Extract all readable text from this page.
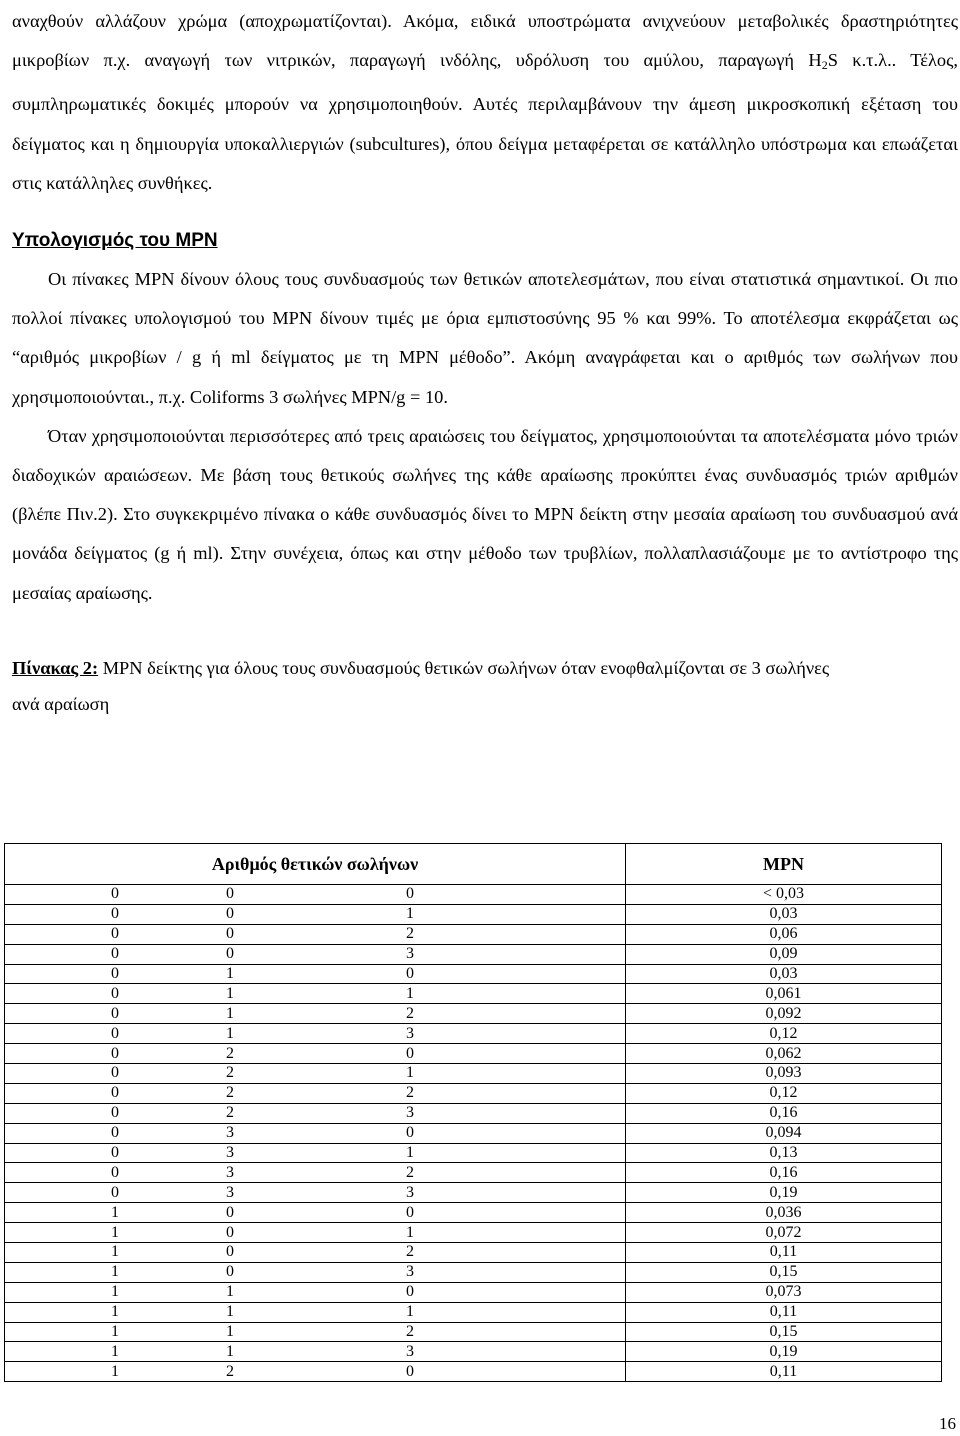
αναχθούν αλλάζουν χρώμα (αποχρωματίζονται). Ακόμα, ειδικά υποστρώματα ανιχνεύουν μεταβολικές δραστηριότητες μικροβίων π.χ. αναγωγή των νιτρικών, παραγωγή ινδόλης, υδρόλυση του αμύλου, παραγωγή $H_2S$ κ.τ.λ.. Τέλος, συμπληρωματικές δοκιμές μπορούν να χρησιμοποιηθούν. Αυτές περιλαμβάνουν την άμεση μικροσκοπική εξέταση του δείγματος και η δημιουργία υποκαλλιεργιών (subcultures), όπου δείγμα μεταφέρεται σε κατάλληλο υπόστρωμα και επωάζεται στις κατάλληλες συνθήκες.

Υπολογισμός του MPN

Οι πίνακες MPN δίνουν όλους τους συνδυασμούς των θετικών αποτελεσμάτων, που είναι στατιστικά σημαντικοί. Οι πιο πολλοί πίνακες υπολογισμού του MPN δίνουν τιμές με όρια εμπιστοσύνης 95 % και 99%. Το αποτέλεσμα εκφράζεται ως “αριθμός μικροβίων / g ή ml δείγματος με τη MPN μέθοδο”. Ακόμη αναγράφεται και ο αριθμός των σωλήνων που χρησιμοποιούνται., π.χ. Coliforms 3 σωλήνες MPN/g = 10.

Όταν χρησιμοποιούνται περισσότερες από τρεις αραιώσεις του δείγματος, χρησιμοποιούνται τα αποτελέσματα μόνο τριών διαδοχικών αραιώσεων. Με βάση τους θετικούς σωλήνες της κάθε αραίωσης προκύπτει ένας συνδυασμός τριών αριθμών (βλέπε Πιν.2). Στο συγκεκριμένο πίνακα ο κάθε συνδυασμός δίνει το MPN δείκτη στην μεσαία αραίωση του συνδυασμού ανά μονάδα δείγματος (g ή ml). Στην συνέχεια, όπως και στην μέθοδο των τρυβλίων, πολλαπλασιάζουμε με το αντίστροφο της μεσαίας αραίωσης.

Πίνακας 2: MPN δείκτης για όλους τους συνδυασμούς θετικών σωλήνων όταν ενοφθαλμίζονται σε 3 σωλήνες

ανά αραίωση

Αριθμός θετικών σωλήνων	MPN

0 0 0	< 0,03

0 0 1	0,03

0 0 2	0,06

0 0 3	0,09

0 1 0	0,03

0 1 1	0,061

0 1 2	0,092

0 1 3	0,12

0 2 0	0,062

0 2 1	0,093

0 2 2	0,12

0 2 3	0,16

0 3 0	0,094

0 3 1	0,13

0 3 2	0,16

0 3 3	0,19

1 0 0	0,036

1 0 1	0,072

1 0 2	0,11

1 0 3	0,15

1 1 0	0,073

1 1 1	0,11

1 1 2	0,15

1 1 3	0,19

1 2 0	0,11
16
